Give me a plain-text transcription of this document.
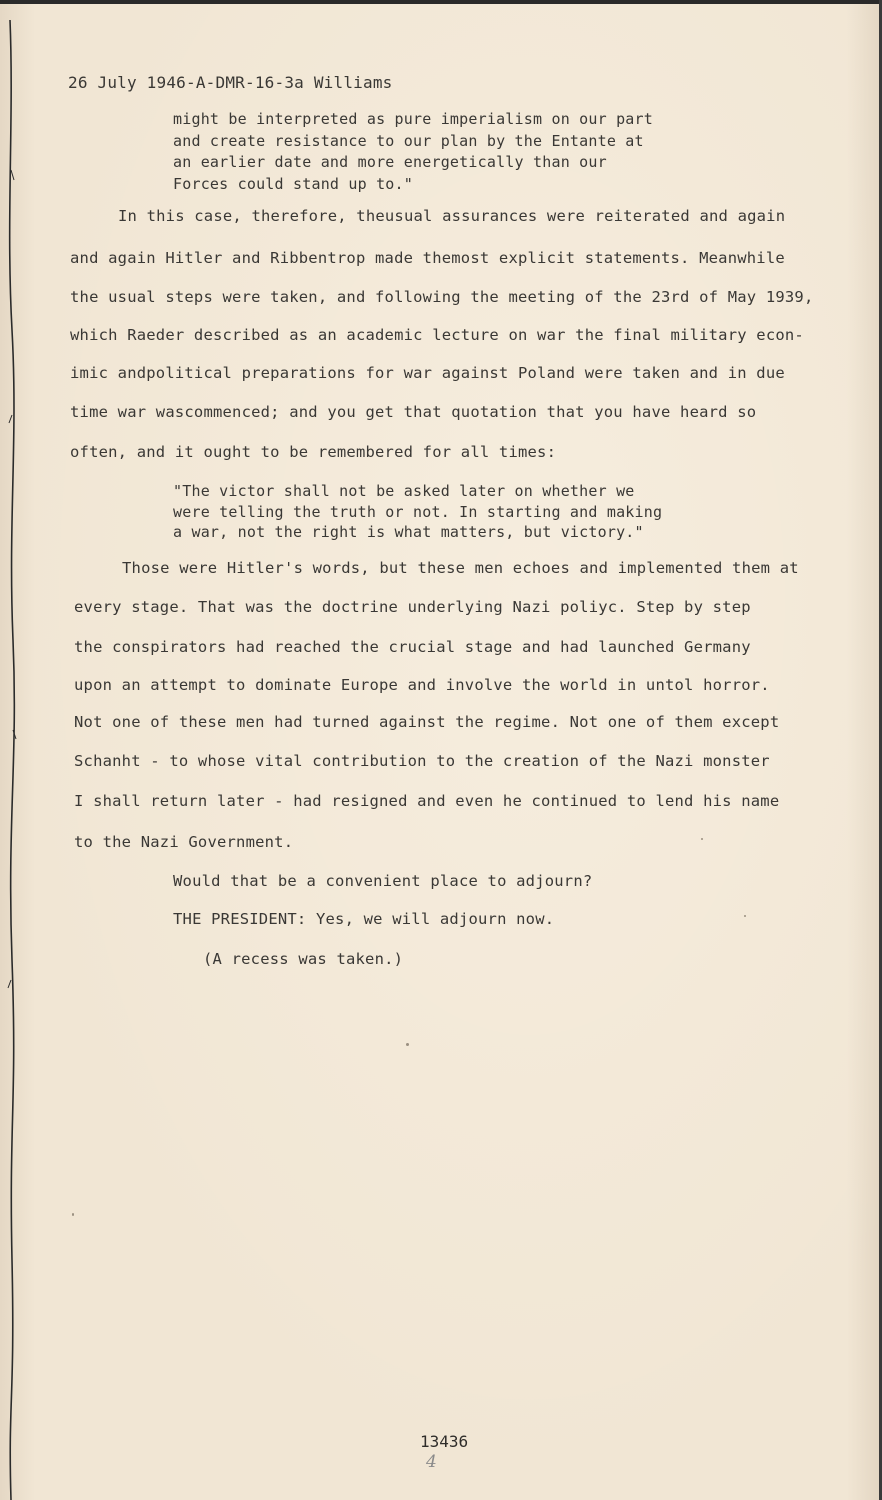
26 July 1946-A-DMR-16-3a Williams
might be interpreted as pure imperialism on our part
and create resistance to our plan by the Entante at
an earlier date and more energetically than our
Forces could stand up to."
In this case, therefore, theusual assurances were reiterated and again
and again Hitler and Ribbentrop made themost explicit statements. Meanwhile
the usual steps were taken, and following the meeting of the 23rd of May 1939,
which Raeder described as an academic lecture on war the final military econ-
imic andpolitical preparations for war against Poland were taken and in due
time war wascommenced; and you get that quotation that you have heard so
often, and it ought to be remembered for all times:
"The victor shall not be asked later on whether we
were telling the truth or not. In starting and making
a war, not the right is what matters, but victory."
Those were Hitler's words, but these men echoes and implemented them at
every stage. That was the doctrine underlying Nazi poliyc. Step by step
the conspirators had reached the crucial stage and had launched Germany
upon an attempt to dominate Europe and involve the world in untol horror.
Not one of these men had turned against the regime. Not one of them except
Schanht - to whose vital contribution to the creation of the Nazi monster
I shall return later - had resigned and even he continued to lend his name
to the Nazi Government.
Would that be a convenient place to adjourn?
THE PRESIDENT: Yes, we will adjourn now.
(A recess was taken.)
13436
4
